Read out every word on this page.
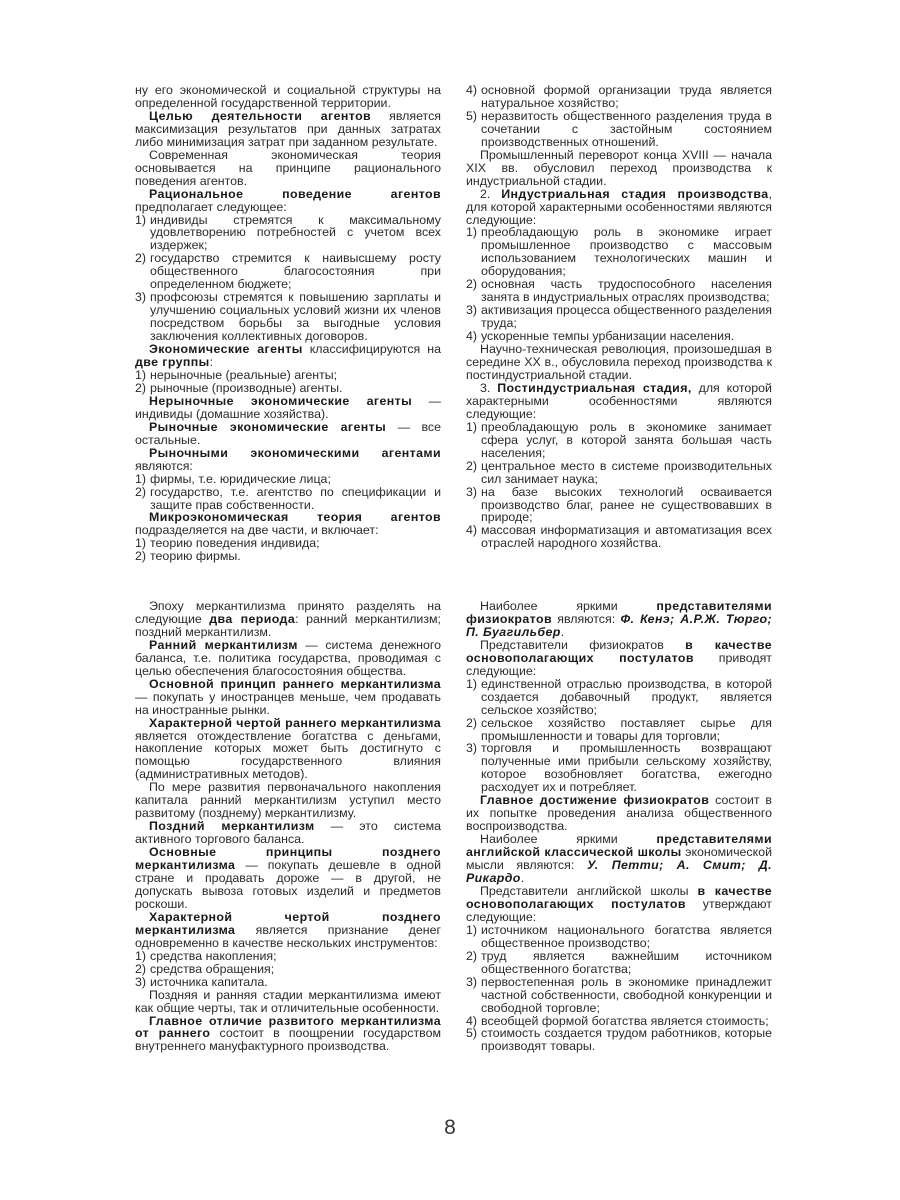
ну его экономической и социальной структуры на определенной государственной территории.

Целью деятельности агентов является максимизация результатов при данных затратах либо минимизация затрат при заданном результате.

Современная экономическая теория основывается на принципе рационального поведения агентов.

Рациональное поведение агентов предполагает следующее:

1) индивиды стремятся к максимальному удовлетворению потребностей с учетом всех издержек;

2) государство стремится к наивысшему росту общественного благосостояния при определенном бюджете;

3) профсоюзы стремятся к повышению зарплаты и улучшению социальных условий жизни их членов посредством борьбы за выгодные условия заключения коллективных договоров.

Экономические агенты классифицируются на две группы:

1) нерыночные (реальные) агенты;

2) рыночные (производные) агенты.

Нерыночные экономические агенты — индивиды (домашние хозяйства).

Рыночные экономические агенты — все остальные.

Рыночными экономическими агентами являются:

1) фирмы, т.е. юридические лица;

2) государство, т.е. агентство по спецификации и защите прав собственности.

Микроэкономическая теория агентов подразделяется на две части, и включает:

1) теорию поведения индивида;

2) теорию фирмы.

4) основной формой организации труда является натуральное хозяйство;

5) неразвитость общественного разделения труда в сочетании с застойным состоянием производственных отношений.

Промышленный переворот конца XVIII — начала XIX вв. обусловил переход производства к индустриальной стадии.

2. Индустриальная стадия производства, для которой характерными особенностями являются следующие:

1) преобладающую роль в экономике играет промышленное производство с массовым использованием технологических машин и оборудования;

2) основная часть трудоспособного населения занята в индустриальных отраслях производства;

3) активизация процесса общественного разделения труда;

4) ускоренные темпы урбанизации населения.

Научно-техническая революция, произошедшая в середине XX в., обусловила переход производства к постиндустриальной стадии.

3. Постиндустриальная стадия, для которой характерными особенностями являются следующие:

1) преобладающую роль в экономике занимает сфера услуг, в которой занята большая часть населения;

2) центральное место в системе производительных сил занимает наука;

3) на базе высоких технологий осваивается производство благ, ранее не существовавших в природе;

4) массовая информатизация и автоматизация всех отраслей народного хозяйства.

Эпоху меркантилизма принято разделять на следующие два периода: ранний меркантилизм; поздний меркантилизм.

Ранний меркантилизм — система денежного баланса, т.е. политика государства, проводимая с целью обеспечения благосостояния общества.

Основной принцип раннего меркантилизма — покупать у иностранцев меньше, чем продавать на иностранные рынки.

Характерной чертой раннего меркантилизма является отождествление богатства с деньгами, накопление которых может быть достигнуто с помощью государственного влияния (административных методов).

По мере развития первоначального накопления капитала ранний меркантилизм уступил место развитому (позднему) меркантилизму.

Поздний меркантилизм — это система активного торгового баланса.

Основные принципы позднего меркантилизма — покупать дешевле в одной стране и продавать дороже — в другой, не допускать вывоза готовых изделий и предметов роскоши.

Характерной чертой позднего меркантилизма является признание денег одновременно в качестве нескольких инструментов:

1) средства накопления;

2) средства обращения;

3) источника капитала.

Поздняя и ранняя стадии меркантилизма имеют как общие черты, так и отличительные особенности.

Главное отличие развитого меркантилизма от раннего состоит в поощрении государством внутреннего мануфактурного производства.

Наиболее яркими представителями физиократов являются: Ф. Кенэ; А.Р.Ж. Тюрго; П. Буагильбер.

Представители физиократов в качестве основополагающих постулатов приводят следующие:

1) единственной отраслью производства, в которой создается добавочный продукт, является сельское хозяйство;

2) сельское хозяйство поставляет сырье для промышленности и товары для торговли;

3) торговля и промышленность возвращают полученные ими прибыли сельскому хозяйству, которое возобновляет богатства, ежегодно расходует их и потребляет.

Главное достижение физиократов состоит в их попытке проведения анализа общественного воспроизводства.

Наиболее яркими представителями английской классической школы экономической мысли являются: У. Петти; А. Смит; Д. Рикардо.

Представители английской школы в качестве основополагающих постулатов утверждают следующие:

1) источником национального богатства является общественное производство;

2) труд является важнейшим источником общественного богатства;

3) первостепенная роль в экономике принадлежит частной собственности, свободной конкуренции и свободной торговле;

4) всеобщей формой богатства является стоимость;

5) стоимость создается трудом работников, которые производят товары.

8
